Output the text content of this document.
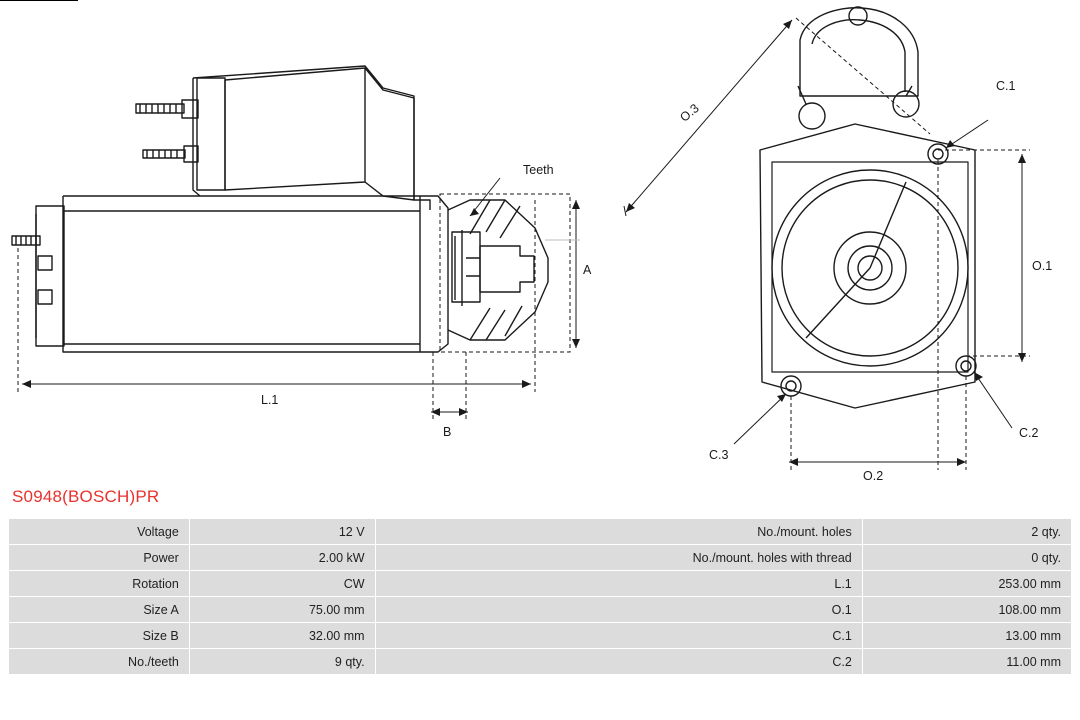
Teeth
L.1
A
B
O.1
O.2
O.3
C.1
C.2
C.3
S0948(BOSCH)PR
Voltage	12 V	No./mount. holes	2 qty.
Power	2.00 kW	No./mount. holes with thread	0 qty.
Rotation	CW	L.1	253.00 mm
Size A	75.00 mm	O.1	108.00 mm
Size B	32.00 mm	C.1	13.00 mm
No./teeth	9 qty.	C.2	11.00 mm
